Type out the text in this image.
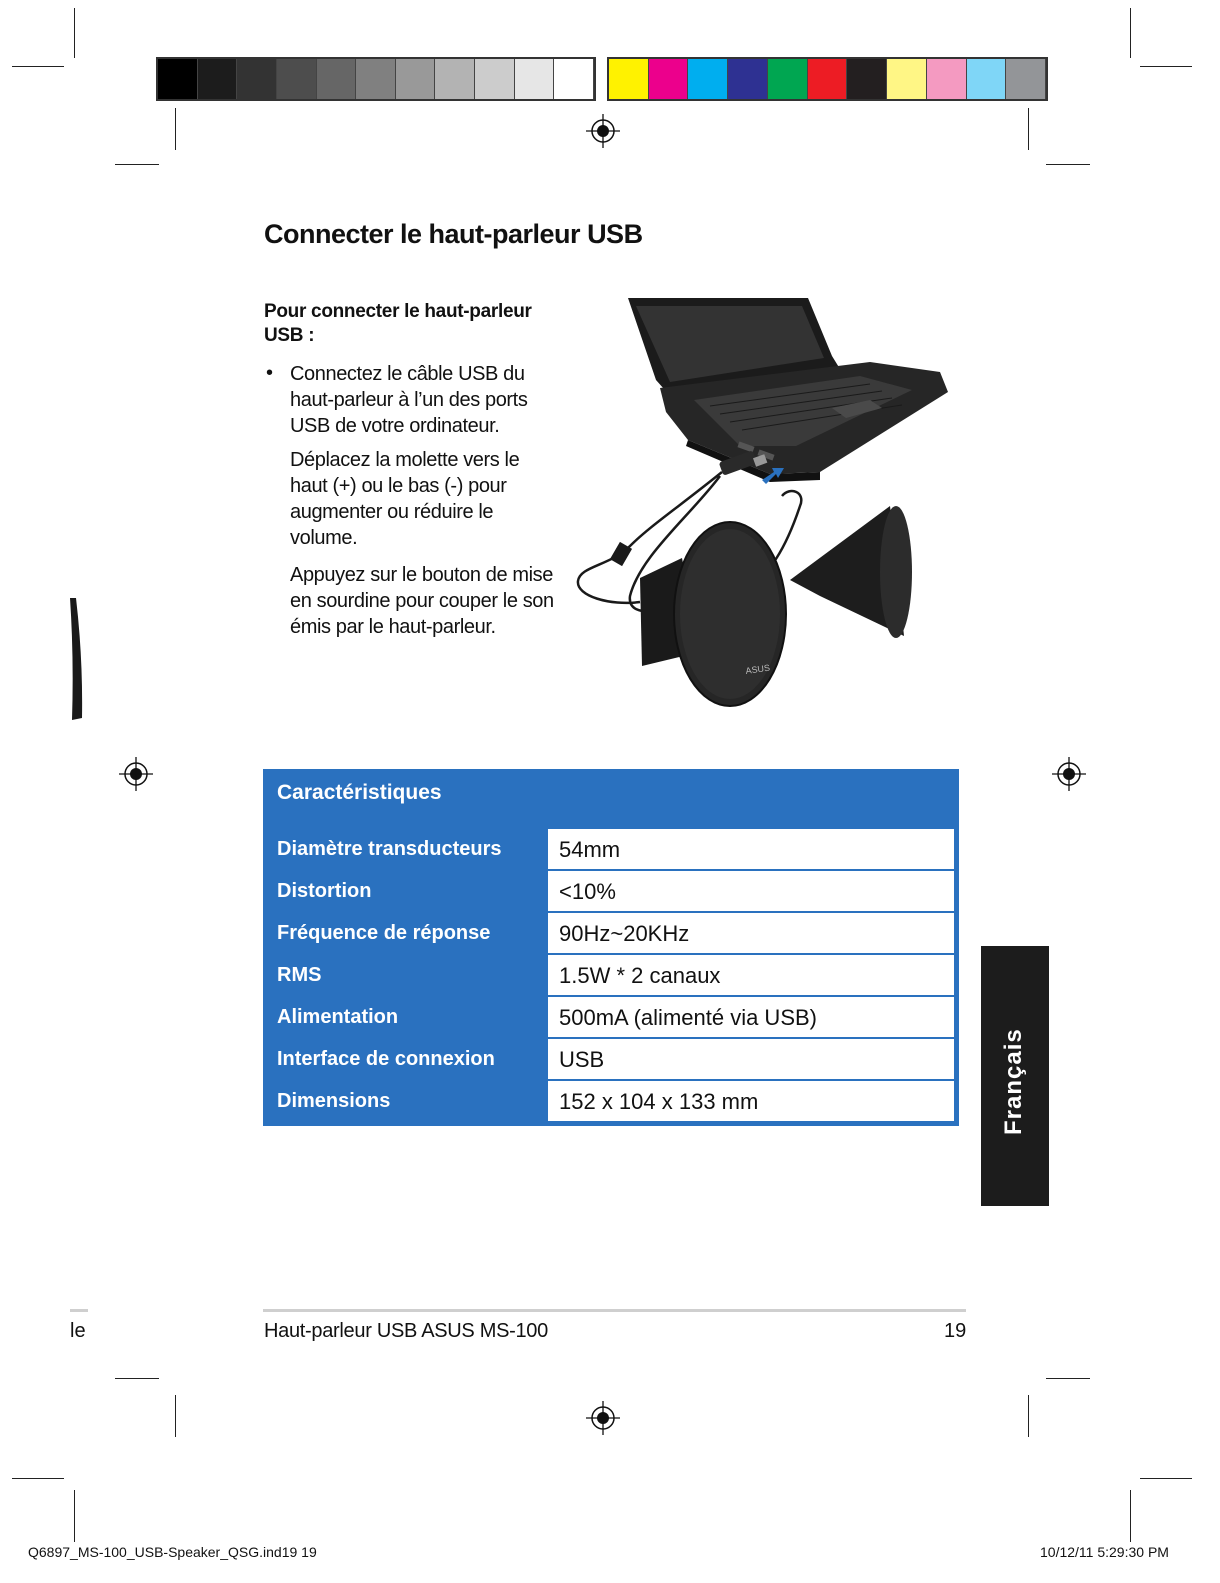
Connecter le haut-parleur USB

Pour connecter le haut-parleur USB :

• Connectez le câble USB du haut-parleur à l’un des ports USB de votre ordinateur.

Déplacez la molette vers le haut (+) ou le bas (-) pour augmenter ou réduire le volume.

Appuyez sur le bouton de mise en sourdine pour couper le son émis par le haut-parleur.

ASUS
Caractéristiques
Diamètre transducteurs	54mm
Distortion	<10%
Fréquence de réponse	90Hz~20KHz
RMS	1.5W * 2 canaux
Alimentation	500mA (alimenté via USB)
Interface de connexion	USB
Dimensions	152 x 104 x 133 mm	Français
le	Haut-parleur USB ASUS MS-100	19
Q6897_MS-100_USB-Speaker_QSG.ind19 19	10/12/11 5:29:30 PM
